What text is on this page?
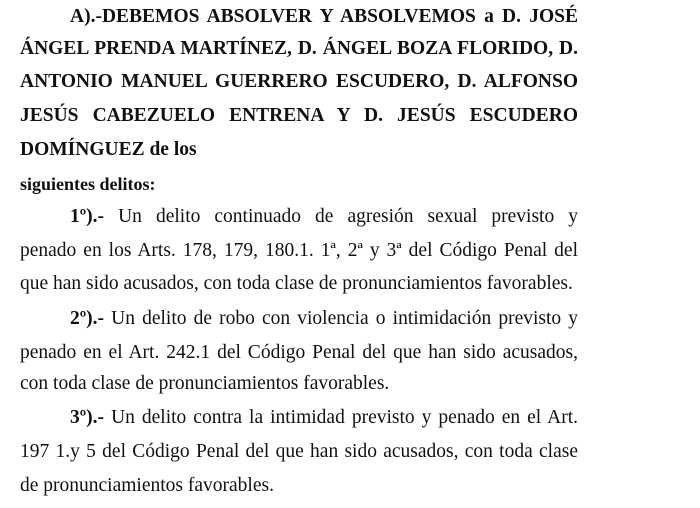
A).-DEBEMOS ABSOLVER Y ABSOLVEMOS a D. JOSÉ
ÁNGEL PRENDA MARTÍNEZ, D. ÁNGEL BOZA FLORIDO, D.
ANTONIO MANUEL GUERRERO ESCUDERO, D. ALFONSO
JESÚS CABEZUELO ENTRENA Y D. JESÚS ESCUDERO
DOMÍNGUEZ de los
siguientes delitos:
1º).- Un delito continuado de agresión sexual previsto y
penado en los Arts. 178, 179, 180.1. 1ª, 2ª y 3ª del Código Penal del
que han sido acusados, con toda clase de pronunciamientos favorables.
2º).- Un delito de robo con violencia o intimidación previsto y
penado en el Art. 242.1 del Código Penal del que han sido acusados,
con toda clase de pronunciamientos favorables.
3º).- Un delito contra la intimidad previsto y penado en el Art.
197 1.y 5 del Código Penal del que han sido acusados, con toda clase
de pronunciamientos favorables.
